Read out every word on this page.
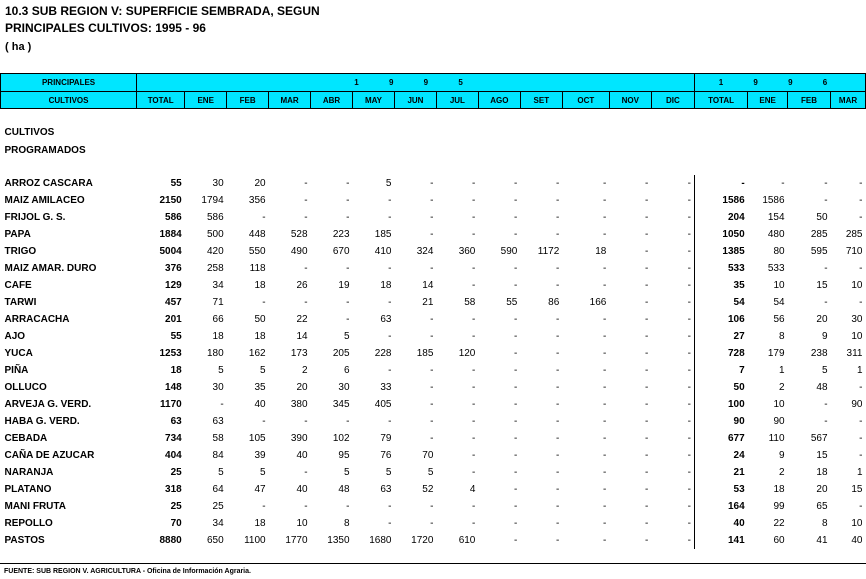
10.3 SUB REGION V: SUPERFICIE SEMBRADA, SEGUN
PRINCIPALES CULTIVOS: 1995 - 96
( ha )
PRINCIPALES	1 9 9 5													1 9 9 6			
CULTIVOS	TOTAL	ENE	FEB	MAR	ABR	MAY	JUN	JUL	AGO	SET	OCT	NOV	DIC	TOTAL	ENE	FEB	MAR

CULTIVOS																	
PROGRAMADOS																	

ARROZ CASCARA	55	30	20	-	-	5	-	-	-	-	-	-	-	-	-	-	-
MAIZ AMILACEO	2150	1794	356	-	-	-	-	-	-	-	-	-	-	1586	1586	-	-
FRIJOL G. S.	586	586	-	-	-	-	-	-	-	-	-	-	-	204	154	50	-
PAPA	1884	500	448	528	223	185	-	-	-	-	-	-	-	1050	480	285	285
TRIGO	5004	420	550	490	670	410	324	360	590	1172	18	-	-	1385	80	595	710
MAIZ AMAR. DURO	376	258	118	-	-	-	-	-	-	-	-	-	-	533	533	-	-
CAFE	129	34	18	26	19	18	14	-	-	-	-	-	-	35	10	15	10
TARWI	457	71	-	-	-	-	21	58	55	86	166	-	-	54	54	-	-
ARRACACHA	201	66	50	22	-	63	-	-	-	-	-	-	-	106	56	20	30
AJO	55	18	18	14	5	-	-	-	-	-	-	-	-	27	8	9	10
YUCA	1253	180	162	173	205	228	185	120	-	-	-	-	-	728	179	238	311
PIÑA	18	5	5	2	6	-	-	-	-	-	-	-	-	7	1	5	1
OLLUCO	148	30	35	20	30	33	-	-	-	-	-	-	-	50	2	48	-
ARVEJA G. VERD.	1170	-	40	380	345	405	-	-	-	-	-	-	-	100	10	-	90
HABA G. VERD.	63	63	-	-	-	-	-	-	-	-	-	-	-	90	90	-	-
CEBADA	734	58	105	390	102	79	-	-	-	-	-	-	-	677	110	567	-
CAÑA DE AZUCAR	404	84	39	40	95	76	70	-	-	-	-	-	-	24	9	15	-
NARANJA	25	5	5	-	5	5	5	-	-	-	-	-	-	21	2	18	1
PLATANO	318	64	47	40	48	63	52	4	-	-	-	-	-	53	18	20	15
MANI FRUTA	25	25	-	-	-	-	-	-	-	-	-	-	-	164	99	65	-
REPOLLO	70	34	18	10	8	-	-	-	-	-	-	-	-	40	22	8	10
PASTOS	8880	650	1100	1770	1350	1680	1720	610	-	-	-	-	-	141	60	41	40
FUENTE: SUB REGION V. AGRICULTURA - Oficina de Información Agraria.
